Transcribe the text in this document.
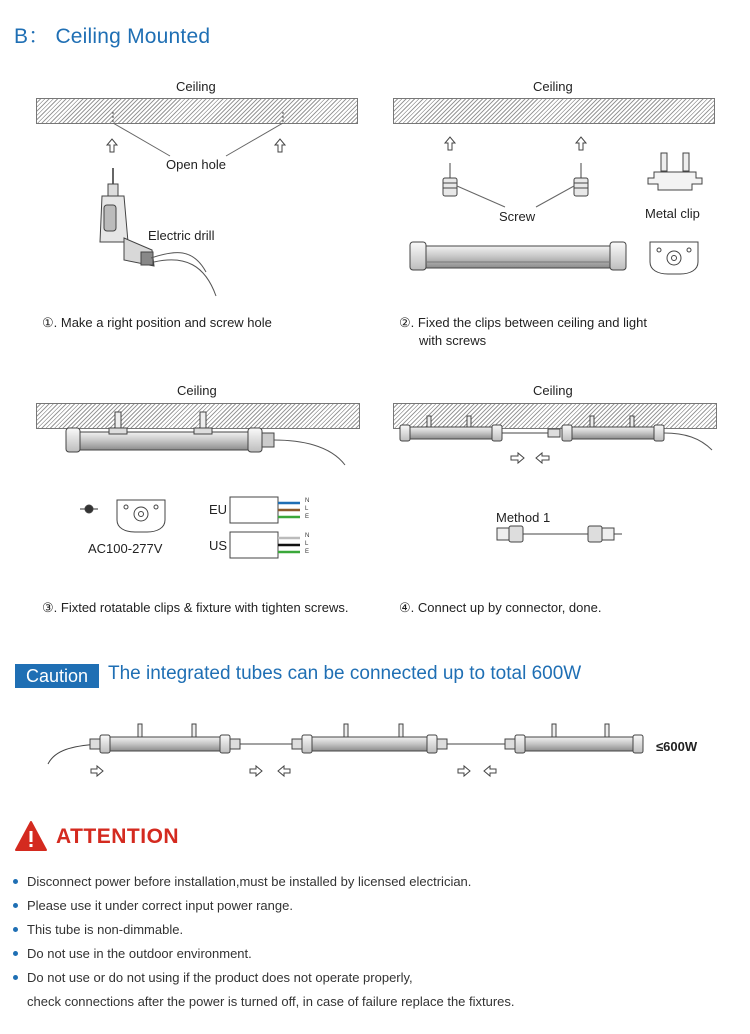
B： Ceiling Mounted
Ceiling
Open hole
Electric drill
①. Make a right position and screw hole
Ceiling
Screw	Metal clip
②. Fixed the clips between ceiling and light
with screws
Ceiling
AC100-277V
EU
US
N
L
E
N
L
E
③. Fixted rotatable clips & fixture with tighten screws.
Ceiling
Method 1
④. Connect up by connector, done.
Caution	The integrated tubes can be connected up to total 600W
≤600W
ATTENTION
Disconnect power before installation,must be installed by licensed electrician.
Please use it under correct input power range.
This tube is non-dimmable.
Do not use in the outdoor environment.
Do not use or do not using if the product does not operate properly,
check connections after the power is turned off, in case of failure replace the fixtures.
